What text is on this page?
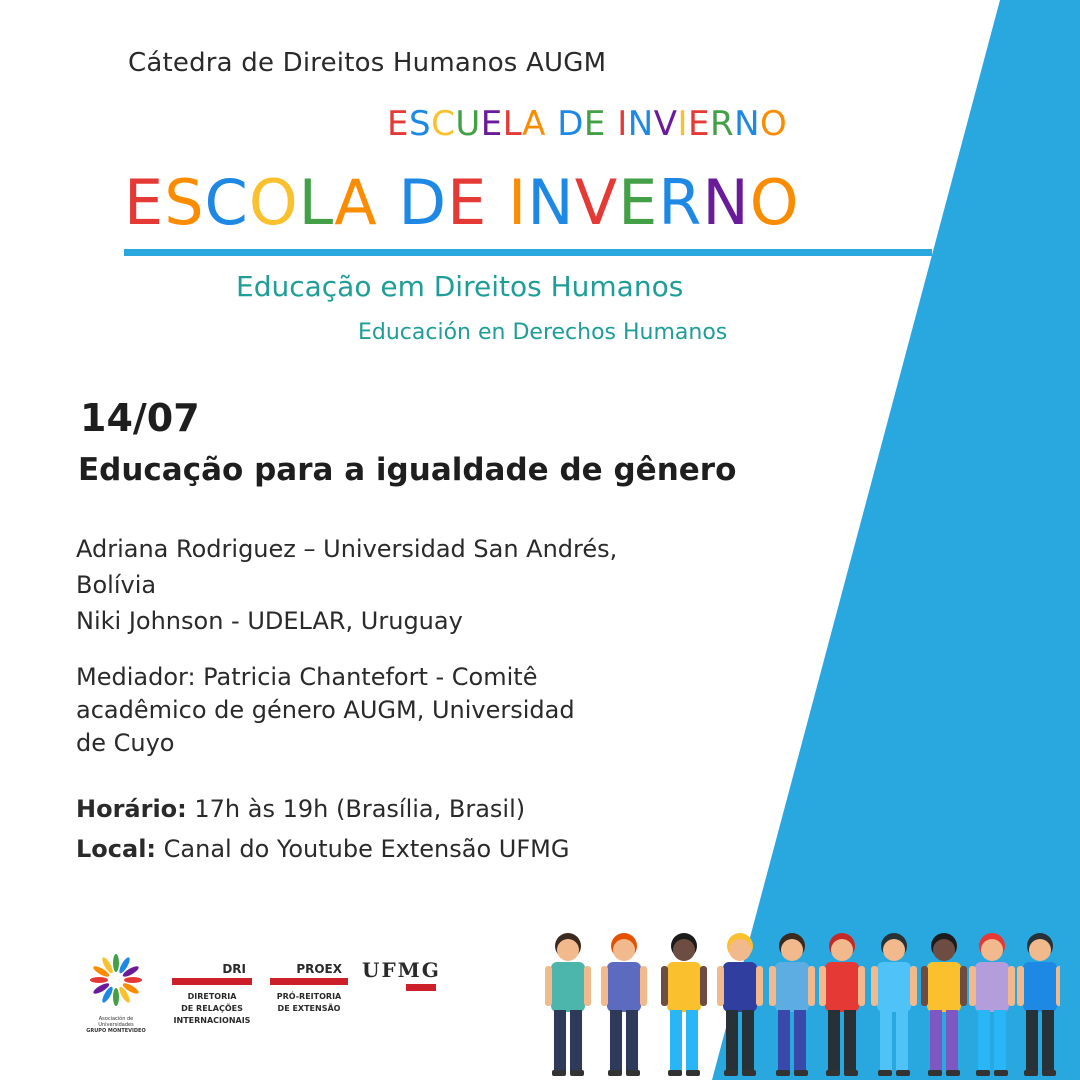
Cátedra de Direitos Humanos AUGM
ESCUELA DE INVIERNO
ESCOLA DE INVERNO
Educação em Direitos Humanos
Educación en Derechos Humanos
14/07
Educação para a igualdade de gênero
Adriana Rodriguez – Universidad San Andrés,
Bolívia
Niki Johnson - UDELAR, Uruguay
Mediador: Patricia Chantefort - Comitê
acadêmico de género AUGM, Universidad
de Cuyo
Horário: 17h às 19h (Brasília, Brasil)
Local: Canal do Youtube Extensão UFMG
Asociación de Universidades
GRUPO MONTEVIDEO
DRI
DIRETORIA
DE RELAÇÕES
INTERNACIONAIS
PROEX
PRÓ-REITORIA
DE EXTENSÃO
UFMG
